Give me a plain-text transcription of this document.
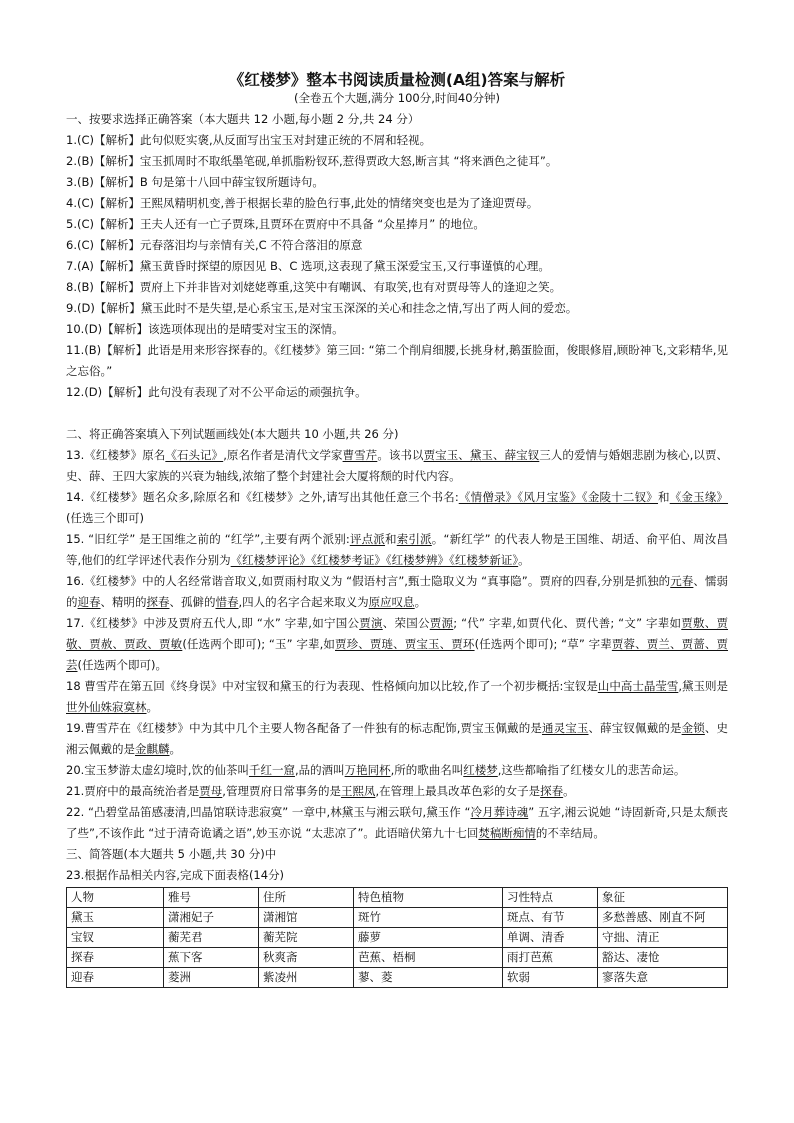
《红楼梦》整本书阅读质量检测(A组)答案与解析

(全卷五个大题,满分 100分,时间40分钟)

一、按要求选择正确答案（本大题共 12 小题,每小题 2 分,共 24 分）

1.(C)【解析】此句似贬实褒,从反面写出宝玉对封建正统的不屑和轻视。

2.(B)【解析】宝玉抓周时不取纸墨笔砚,单抓脂粉钗环,惹得贾政大怒,断言其 “将来酒色之徒耳”。

3.(B)【解析】B 句是第十八回中薛宝钗所题诗句。

4.(C)【解析】王熙凤精明机变,善于根据长辈的脸色行事,此处的情绪突变也是为了逢迎贾母。

5.(C)【解析】王夫人还有一亡子贾珠,且贾环在贾府中不具备 “众星捧月” 的地位。

6.(C)【解析】元春落泪均与亲情有关,C 不符合落泪的原意

7.(A)【解析】黛玉黄昏时探望的原因见 B、C 选项,这表现了黛玉深爱宝玉,又行事谨慎的心理。

8.(B)【解析】贾府上下并非皆对刘姥姥尊重,这笑中有嘲讽、有取笑,也有对贾母等人的逢迎之笑。

9.(D)【解析】黛玉此时不是失望,是心系宝玉,是对宝玉深深的关心和挂念之情,写出了两人间的爱恋。

10.(D)【解析】该选项体现出的是晴雯对宝玉的深情。

11.(B)【解析】此语是用来形容探春的。《红楼梦》第三回: “第二个削肩细腰,长挑身材,鹅蛋脸面，俊眼修眉,顾盼神飞,文彩精华,见之忘俗。”

12.(D)【解析】此句没有表现了对不公平命运的顽强抗争。

二、将正确答案填入下列试题画线处(本大题共 10 小题,共 26 分)

13.《红楼梦》原名《石头记》,原名作者是清代文学家曹雪芹。该书以贾宝玉、黛玉、薛宝钗三人的爱情与婚姻悲剧为核心,以贾、史、薛、王四大家族的兴衰为轴线,浓缩了整个封建社会大厦将颓的时代内容。

14.《红楼梦》题名众多,除原名和《红楼梦》之外,请写出其他任意三个书名:《情僧录》《风月宝鉴》《金陵十二钗》和《金玉缘》(任选三个即可)

15. “旧红学” 是王国维之前的 “红学”,主要有两个派别:评点派和索引派。“新红学” 的代表人物是王国维、胡适、俞平伯、周汝昌等,他们的红学评述代表作分别为《红楼梦评论》《红楼梦考证》《红楼梦辨》《红楼梦新证》。

16.《红楼梦》中的人名经常谐音取义,如贾雨村取义为 “假语村言”,甄士隐取义为 “真事隐”。贾府的四春,分别是抓独的元春、懦弱的迎春、精明的探春、孤僻的惜春,四人的名字合起来取义为原应叹息。

17.《红楼梦》中涉及贾府五代人,即 “水” 字辈,如宁国公贾演、荣国公贾源; “代” 字辈,如贾代化、贾代善; “文” 字辈如贾敷、贾敬、贾赦、贾政、贾敏(任选两个即可); “玉” 字辈,如贾珍、贾琏、贾宝玉、贾环(任选两个即可); “草” 字辈贾蓉、贾兰、贾蔷、贾芸(任选两个即可)。

18 曹雪芹在第五回《终身误》中对宝钗和黛玉的行为表现、性格倾向加以比较,作了一个初步概括:宝钗是山中高士晶莹雪,黛玉则是世外仙姝寂寞林。

19.曹雪芹在《红楼梦》中为其中几个主要人物各配备了一件独有的标志配饰,贾宝玉佩戴的是通灵宝玉、薛宝钗佩戴的是金锁、史湘云佩戴的是金麒麟。

20.宝玉梦游太虚幻境时,饮的仙茶叫千红一窟,品的酒叫万艳同杯,所的歌曲名叫红楼梦,这些都喻指了红楼女儿的悲苦命运。

21.贾府中的最高统治者是贾母,管理贾府日常事务的是王熙凤,在管理上最具改革色彩的女子是探春。

22. “凸碧堂品笛感凄清,凹晶馆联诗悲寂寞” 一章中,林黛玉与湘云联句,黛玉作 “冷月葬诗魂” 五字,湘云说她 “诗固新奇,只是太颓丧了些”,不该作此 “过于清奇诡谲之语”,妙玉亦说 “太悲凉了”。此语暗伏第九十七回焚稿断痴情的不幸结局。

三、简答题(本大题共 5 小题,共 30 分)中

23.根据作品相关内容,完成下面表格(14分)

人物	雅号	住所	特色植物	习性特点	象征
黛玉	潇湘妃子	潇湘馆	斑竹	斑点、有节	多愁善感、刚直不阿
宝钗	蘅芜君	蘅芜院	藤萝	单调、清香	守拙、清正
探春	蕉下客	秋爽斋	芭蕉、梧桐	雨打芭蕉	豁达、凄怆
迎春	菱洲	紫凌州	蓼、菱	软弱	寥落失意
